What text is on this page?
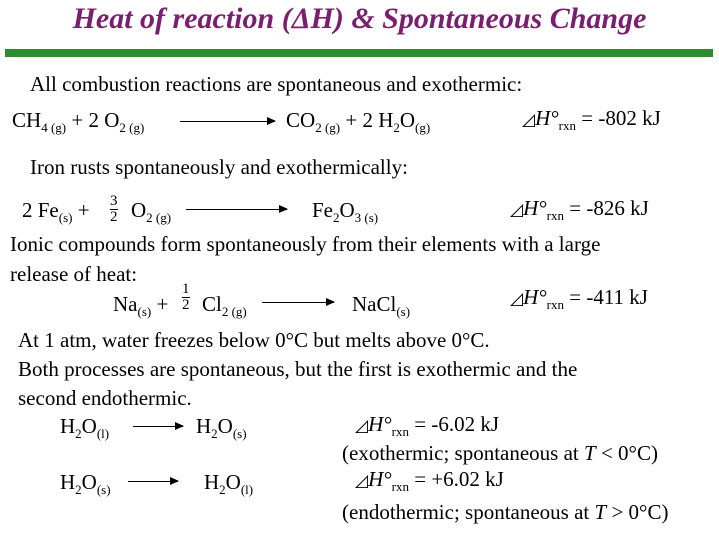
Heat of reaction (ΔH) & Spontaneous Change
All combustion reactions are spontaneous and exothermic:
$CH_{4 (g)} + 2$ $O_{2 (g)}$	$CO_{2 (g)} + 2$ $H_2O_{(g)}$	$◿H^\circ_{rxn} = -802$ kJ
Iron rusts spontaneously and exothermically:
2 $Fe_{(s)} + \frac{3}{2} O_{2 (g)}$	$Fe_2O_{3 (s)}$	$◿H^\circ_{rxn} = -826$ kJ
Ionic compounds form spontaneously from their elements with a large
release of heat:
$Na_{(s)} + \frac{1}{2} Cl_{2 (g)}$	NaCl$_{(s)}$
$◿H^\circ_{rxn} = -411$ kJ
At 1 atm, water freezes below 0°C but melts above 0°C.
Both processes are spontaneous, but the first is exothermic and the
second endothermic.
$H_2O_{(l)}$	$H_2O_{(s)}$	$◿H^\circ_{rxn} = -6.02$ kJ
(exothermic; spontaneous at T < 0°C)
$H_2O_{(s)}$	$H_2O_{(l)}$	$◿H^\circ_{rxn} = +6.02$ kJ
(endothermic; spontaneous at T > 0°C)
